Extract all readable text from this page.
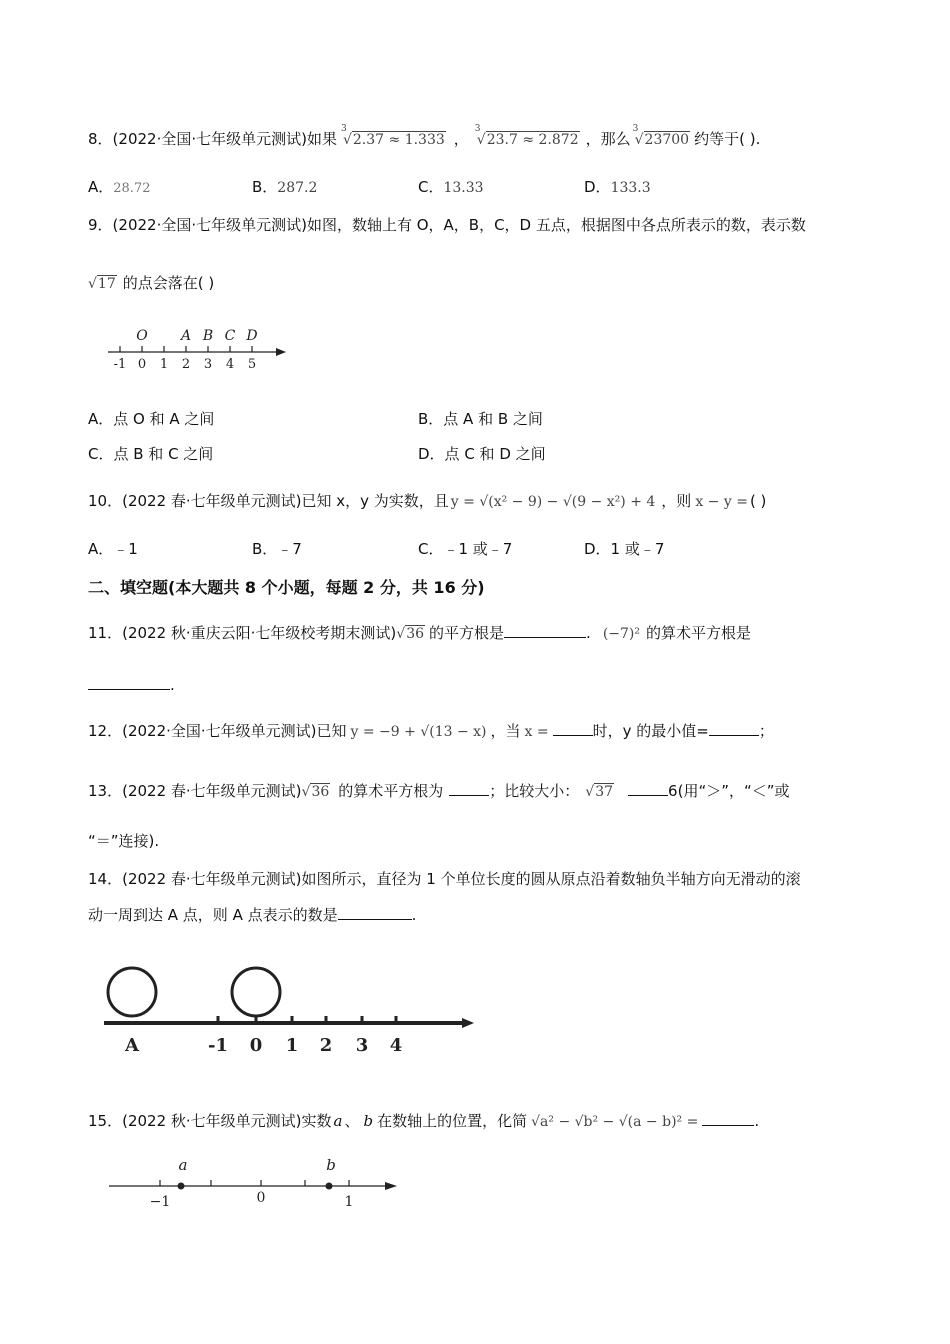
8．(2022·全国·七年级单元测试)如果
3
√2.37 ≈ 1.333 ，
3
√23.7 ≈ 2.872 ，那么
3
√23700 约等于( ).
A．28.72	B．287.2	C．13.33	D．133.3
9．(2022·全国·七年级单元测试)如图，数轴上有 O，A，B，C，D 五点，根据图中各点所表示的数，表示数
√17 的点会落在( )
O A B C D
-1 0 1 2 3 4 5
A．点 O 和 A 之间	B．点 A 和 B 之间
C．点 B 和 C 之间	D．点 C 和 D 之间
10．(2022 春·七年级单元测试)已知 x，y 为实数，且 y = √(x² − 9) − √(9 − x²) + 4 ，则 x − y = ( )
A．﹣1	B．﹣7	C．﹣1 或﹣7	D．1 或﹣7
二、填空题(本大题共 8 个小题，每题 2 分，共 16 分)
11．(2022 秋·重庆云阳·七年级校考期末测试)√36 的平方根是	. (−7)² 的算术平方根是
.
12．(2022·全国·七年级单元测试)已知 y = −9 + √(13 − x) ，当 x =	时，y 的最小值=	；
13．(2022 春·七年级单元测试)√36 的算术平方根为	；比较大小： √37	6(用“＞”，“＜”或
“＝”连接).
14．(2022 春·七年级单元测试)如图所示，直径为 1 个单位长度的圆从原点沿着数轴负半轴方向无滑动的滚
动一周到达 A 点，则 A 点表示的数是	.
A	-1 0 1 2 3 4
15．(2022 秋·七年级单元测试)实数 a 、 b 在数轴上的位置，化简 √a² − √b² − √(a − b)² =	.
a	b
−1	0	1
